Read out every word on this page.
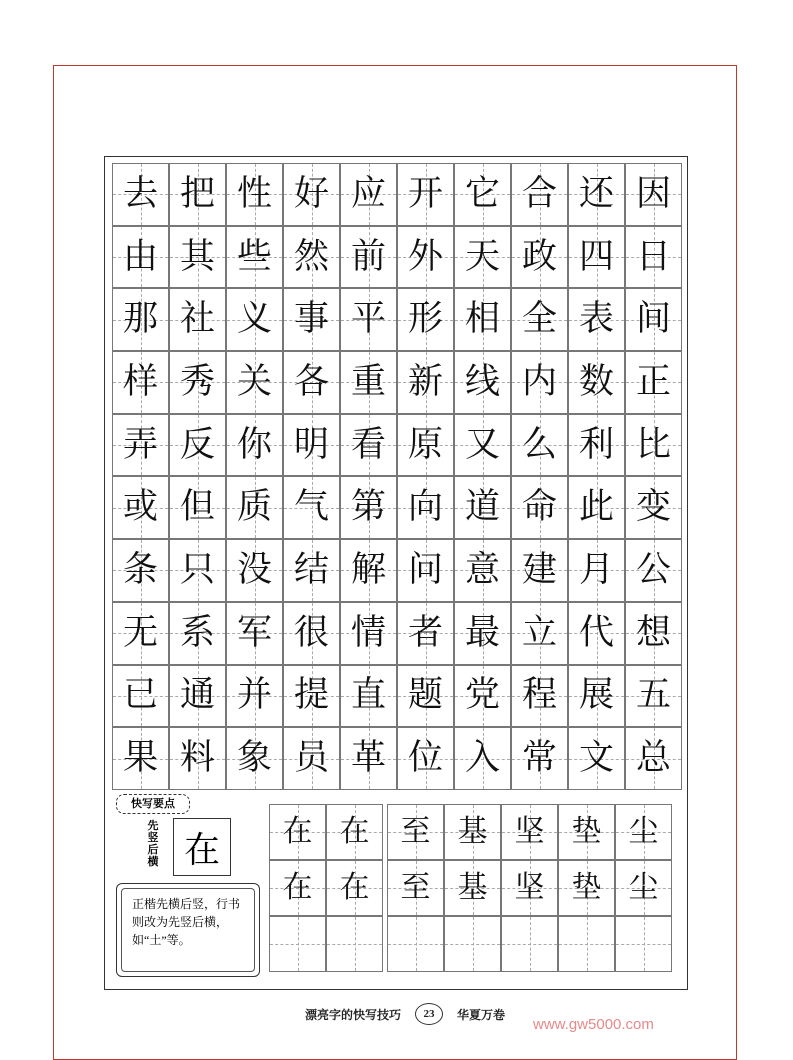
去 把 性 好 应 开 它 合 还 因
由 其 些 然 前 外 天 政 四 日
那 社 义 事 平 形 相 全 表 间
样 秀 关 各 重 新 线 内 数 正
弄 反 你 明 看 原 又 么 利 比
或 但 质 气 第 向 道 命 此 变
条 只 没 结 解 问 意 建 月 公
无 系 军 很 情 者 最 立 代 想
已 通 并 提 直 题 党 程 展 五
果 料 象 员 革 位 入 常 文 总
快写要点
先竖后横 在
正楷先横后竖，行书则改为先竖后横，如“土”等。
在 在
在 在
至 基 坚 垫 尘
至 基 坚 垫 尘
漂亮字的快写技巧	23	华夏万卷
www.gw5000.com
